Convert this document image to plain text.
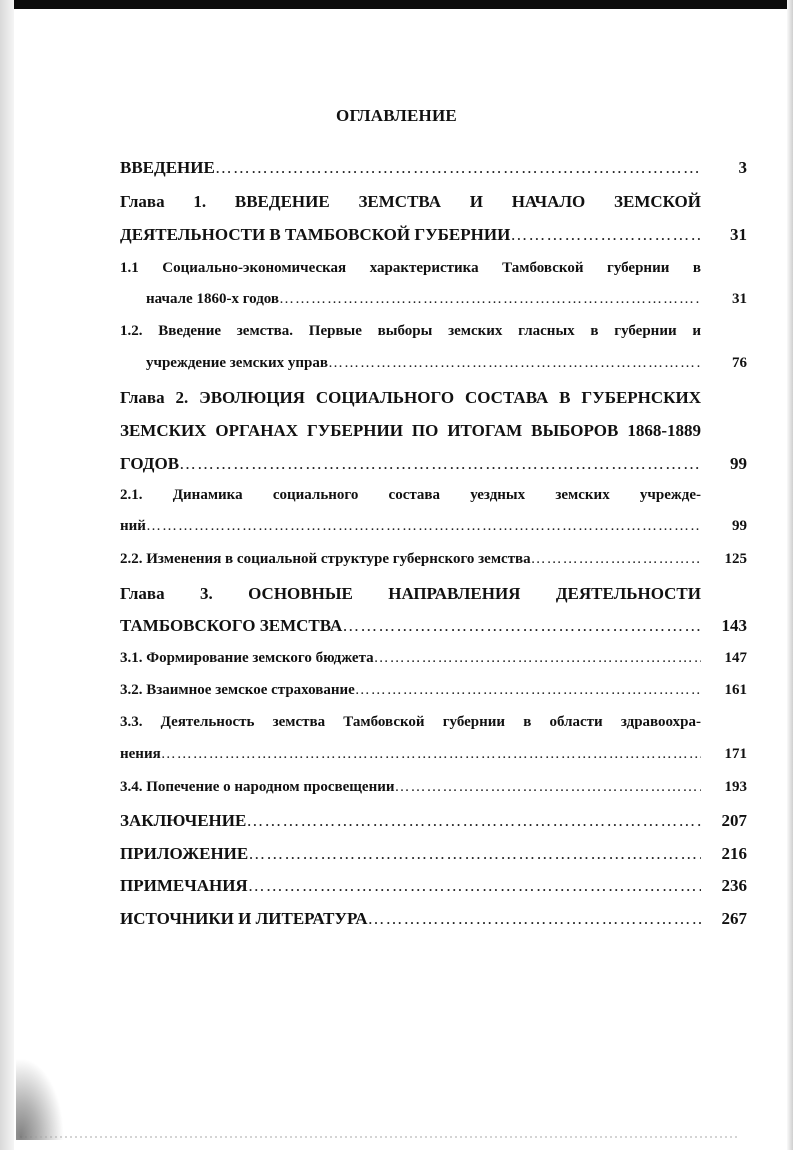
ОГЛАВЛЕНИЕ
ВВЕДЕНИЕ ………………………………………………………………………………………………………………………………………………………………………………………………	3
Глава 1. ВВЕДЕНИЕ ЗЕМСТВА И НАЧАЛО ЗЕМСКОЙ
ДЕЯТЕЛЬНОСТИ В ТАМБОВСКОЙ ГУБЕРНИИ ………………………………………………………………………………………………………………………………………………………………………………………………	31
1.1 Социально-экономическая характеристика Тамбовской губернии в
начале 1860-х годов ………………………………………………………………………………………………………………………………………………………………………………………………	31
1.2. Введение земства. Первые выборы земских гласных в губернии и
учреждение земских управ ………………………………………………………………………………………………………………………………………………………………………………………………	76
Глава 2. ЭВОЛЮЦИЯ СОЦИАЛЬНОГО СОСТАВА В ГУБЕРНСКИХ
ЗЕМСКИХ ОРГАНАХ ГУБЕРНИИ ПО ИТОГАМ ВЫБОРОВ 1868-1889
ГОДОВ ………………………………………………………………………………………………………………………………………………………………………………………………	99
2.1. Динамика социального состава уездных земских учрежде-
ний ………………………………………………………………………………………………………………………………………………………………………………………………	99
2.2. Изменения в социальной структуре губернского земства ………………………………………………………………………………………………………………………………………………………………………………………………	125
Глава 3. ОСНОВНЫЕ НАПРАВЛЕНИЯ ДЕЯТЕЛЬНОСТИ
ТАМБОВСКОГО ЗЕМСТВА ………………………………………………………………………………………………………………………………………………………………………………………………	143
3.1. Формирование земского бюджета ………………………………………………………………………………………………………………………………………………………………………………………………	147
3.2. Взаимное земское страхование ………………………………………………………………………………………………………………………………………………………………………………………………	161
3.3. Деятельность земства Тамбовской губернии в области здравоохра-
нения ………………………………………………………………………………………………………………………………………………………………………………………………	171
3.4. Попечение о народном просвещении ………………………………………………………………………………………………………………………………………………………………………………………………	193
ЗАКЛЮЧЕНИЕ ………………………………………………………………………………………………………………………………………………………………………………………………	207
ПРИЛОЖЕНИЕ ………………………………………………………………………………………………………………………………………………………………………………………………	216
ПРИМЕЧАНИЯ ………………………………………………………………………………………………………………………………………………………………………………………………	236
ИСТОЧНИКИ И ЛИТЕРАТУРА ………………………………………………………………………………………………………………………………………………………………………………………………	267
